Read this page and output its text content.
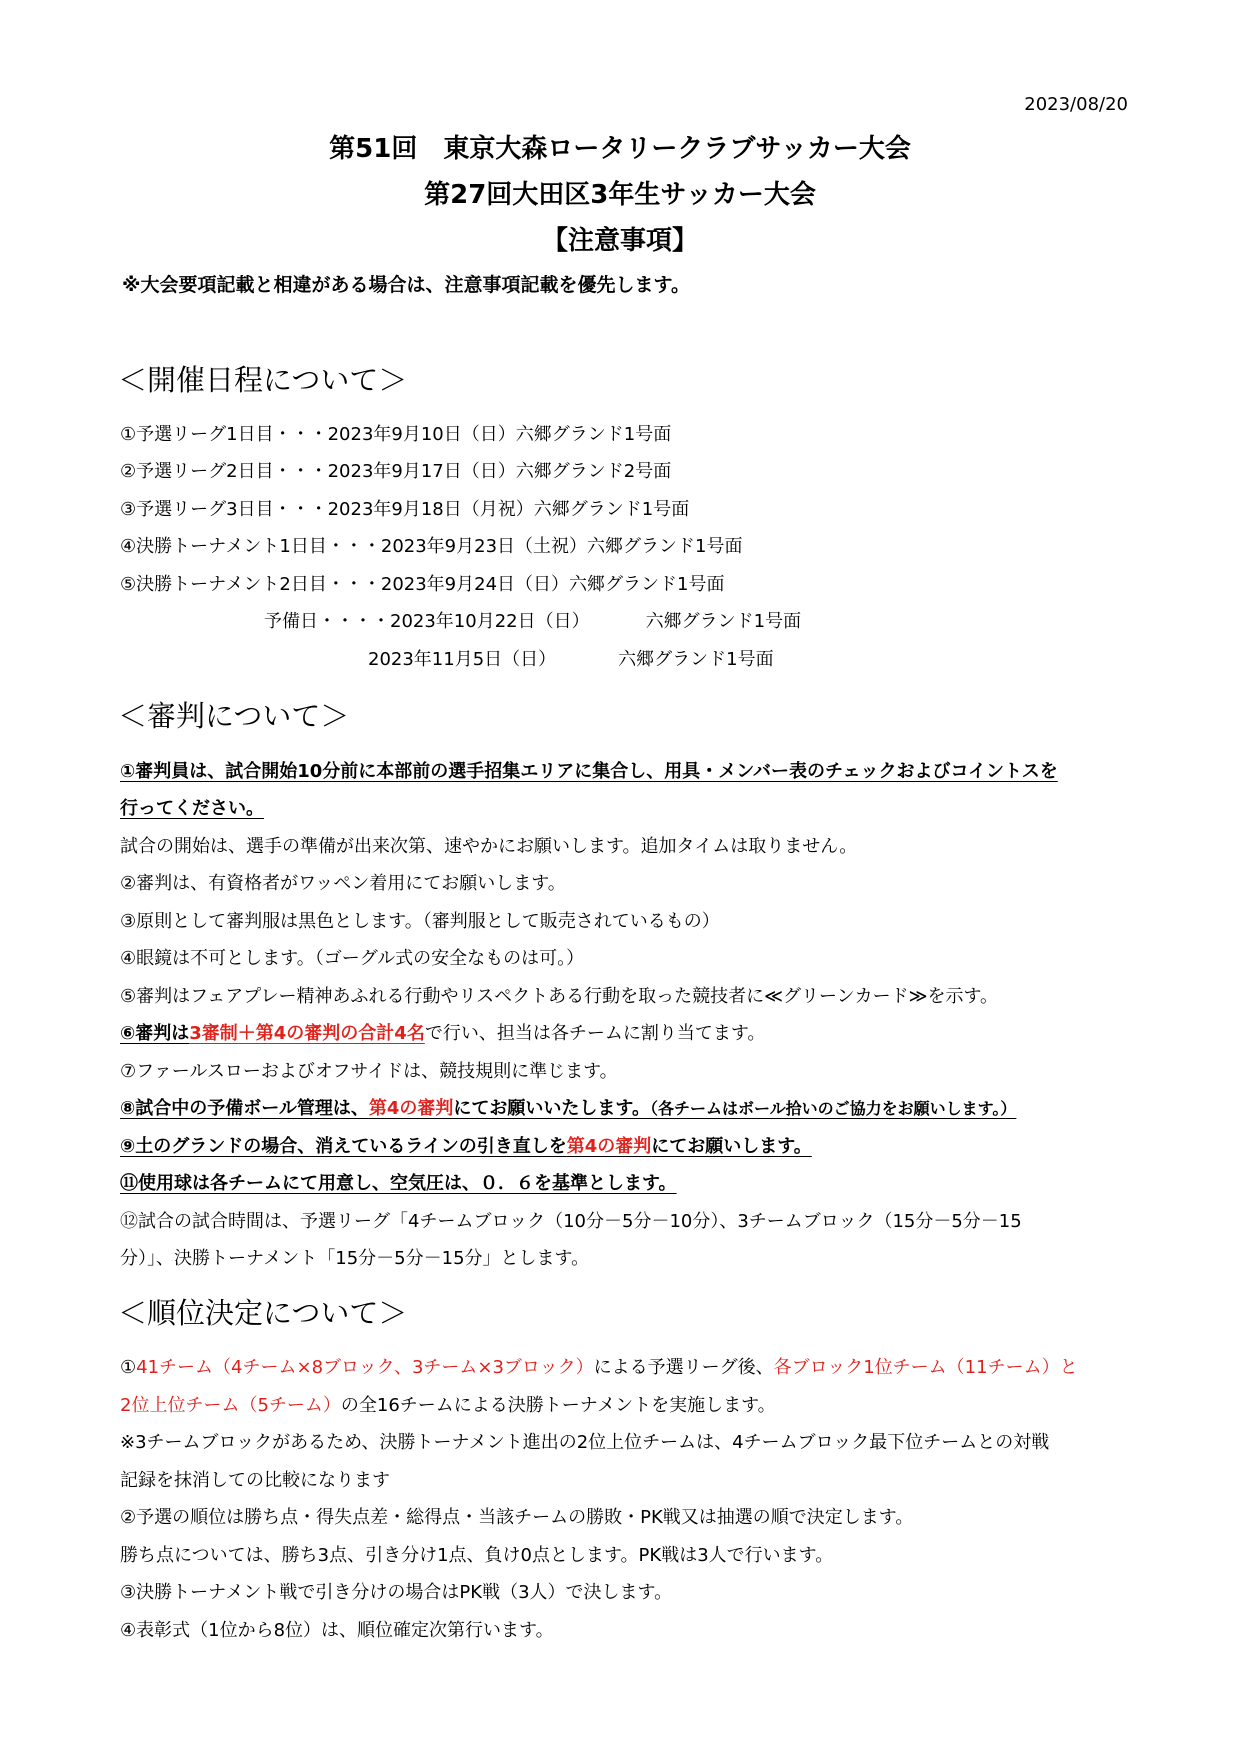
2023/08/20
第51回　東京大森ロータリークラブサッカー大会
第27回大田区3年生サッカー大会
【注意事項】
※大会要項記載と相違がある場合は、注意事項記載を優先します。
＜開催日程について＞
①予選リーグ1日目・・・2023年9月10日（日）六郷グランド1号面
②予選リーグ2日目・・・2023年9月17日（日）六郷グランド2号面
③予選リーグ3日目・・・2023年9月18日（月祝）六郷グランド1号面
④決勝トーナメント1日目・・・2023年9月23日（土祝）六郷グランド1号面
⑤決勝トーナメント2日目・・・2023年9月24日（日）六郷グランド1号面
予備日・・・・2023年10月22日（日）	六郷グランド1号面
2023年11月5日（日）	六郷グランド1号面
＜審判について＞
①審判員は、試合開始10分前に本部前の選手招集エリアに集合し、用具・メンバー表のチェックおよびコイントスを
行ってください。
試合の開始は、選手の準備が出来次第、速やかにお願いします。追加タイムは取りません。
②審判は、有資格者がワッペン着用にてお願いします。
③原則として審判服は黒色とします。（審判服として販売されているもの）
④眼鏡は不可とします。（ゴーグル式の安全なものは可。）
⑤審判はフェアプレー精神あふれる行動やリスペクトある行動を取った競技者に≪グリーンカード≫を示す。
⑥審判は3審制＋第4の審判の合計4名で行い、担当は各チームに割り当てます。
⑦ファールスローおよびオフサイドは、競技規則に準じます。
⑧試合中の予備ボール管理は、第4の審判にてお願いいたします。（各チームはボール拾いのご協力をお願いします。）
⑨土のグランドの場合、消えているラインの引き直しを第4の審判にてお願いします。
⑪使用球は各チームにて用意し、空気圧は、０．６を基準とします。
⑫試合の試合時間は、予選リーグ「4チームブロック（10分－5分－10分）、3チームブロック（15分－5分－15
分）」、決勝トーナメント「15分－5分－15分」とします。
＜順位決定について＞
①41チーム（4チーム×8ブロック、3チーム×3ブロック）による予選リーグ後、各ブロック1位チーム（11チーム）と
2位上位チーム（5チーム）の全16チームによる決勝トーナメントを実施します。
※3チームブロックがあるため、決勝トーナメント進出の2位上位チームは、4チームブロック最下位チームとの対戦
記録を抹消しての比較になります
②予選の順位は勝ち点・得失点差・総得点・当該チームの勝敗・PK戦又は抽選の順で決定します。
勝ち点については、勝ち3点、引き分け1点、負け0点とします。PK戦は3人で行います。
③決勝トーナメント戦で引き分けの場合はPK戦（3人）で決します。
④表彰式（1位から8位）は、順位確定次第行います。
